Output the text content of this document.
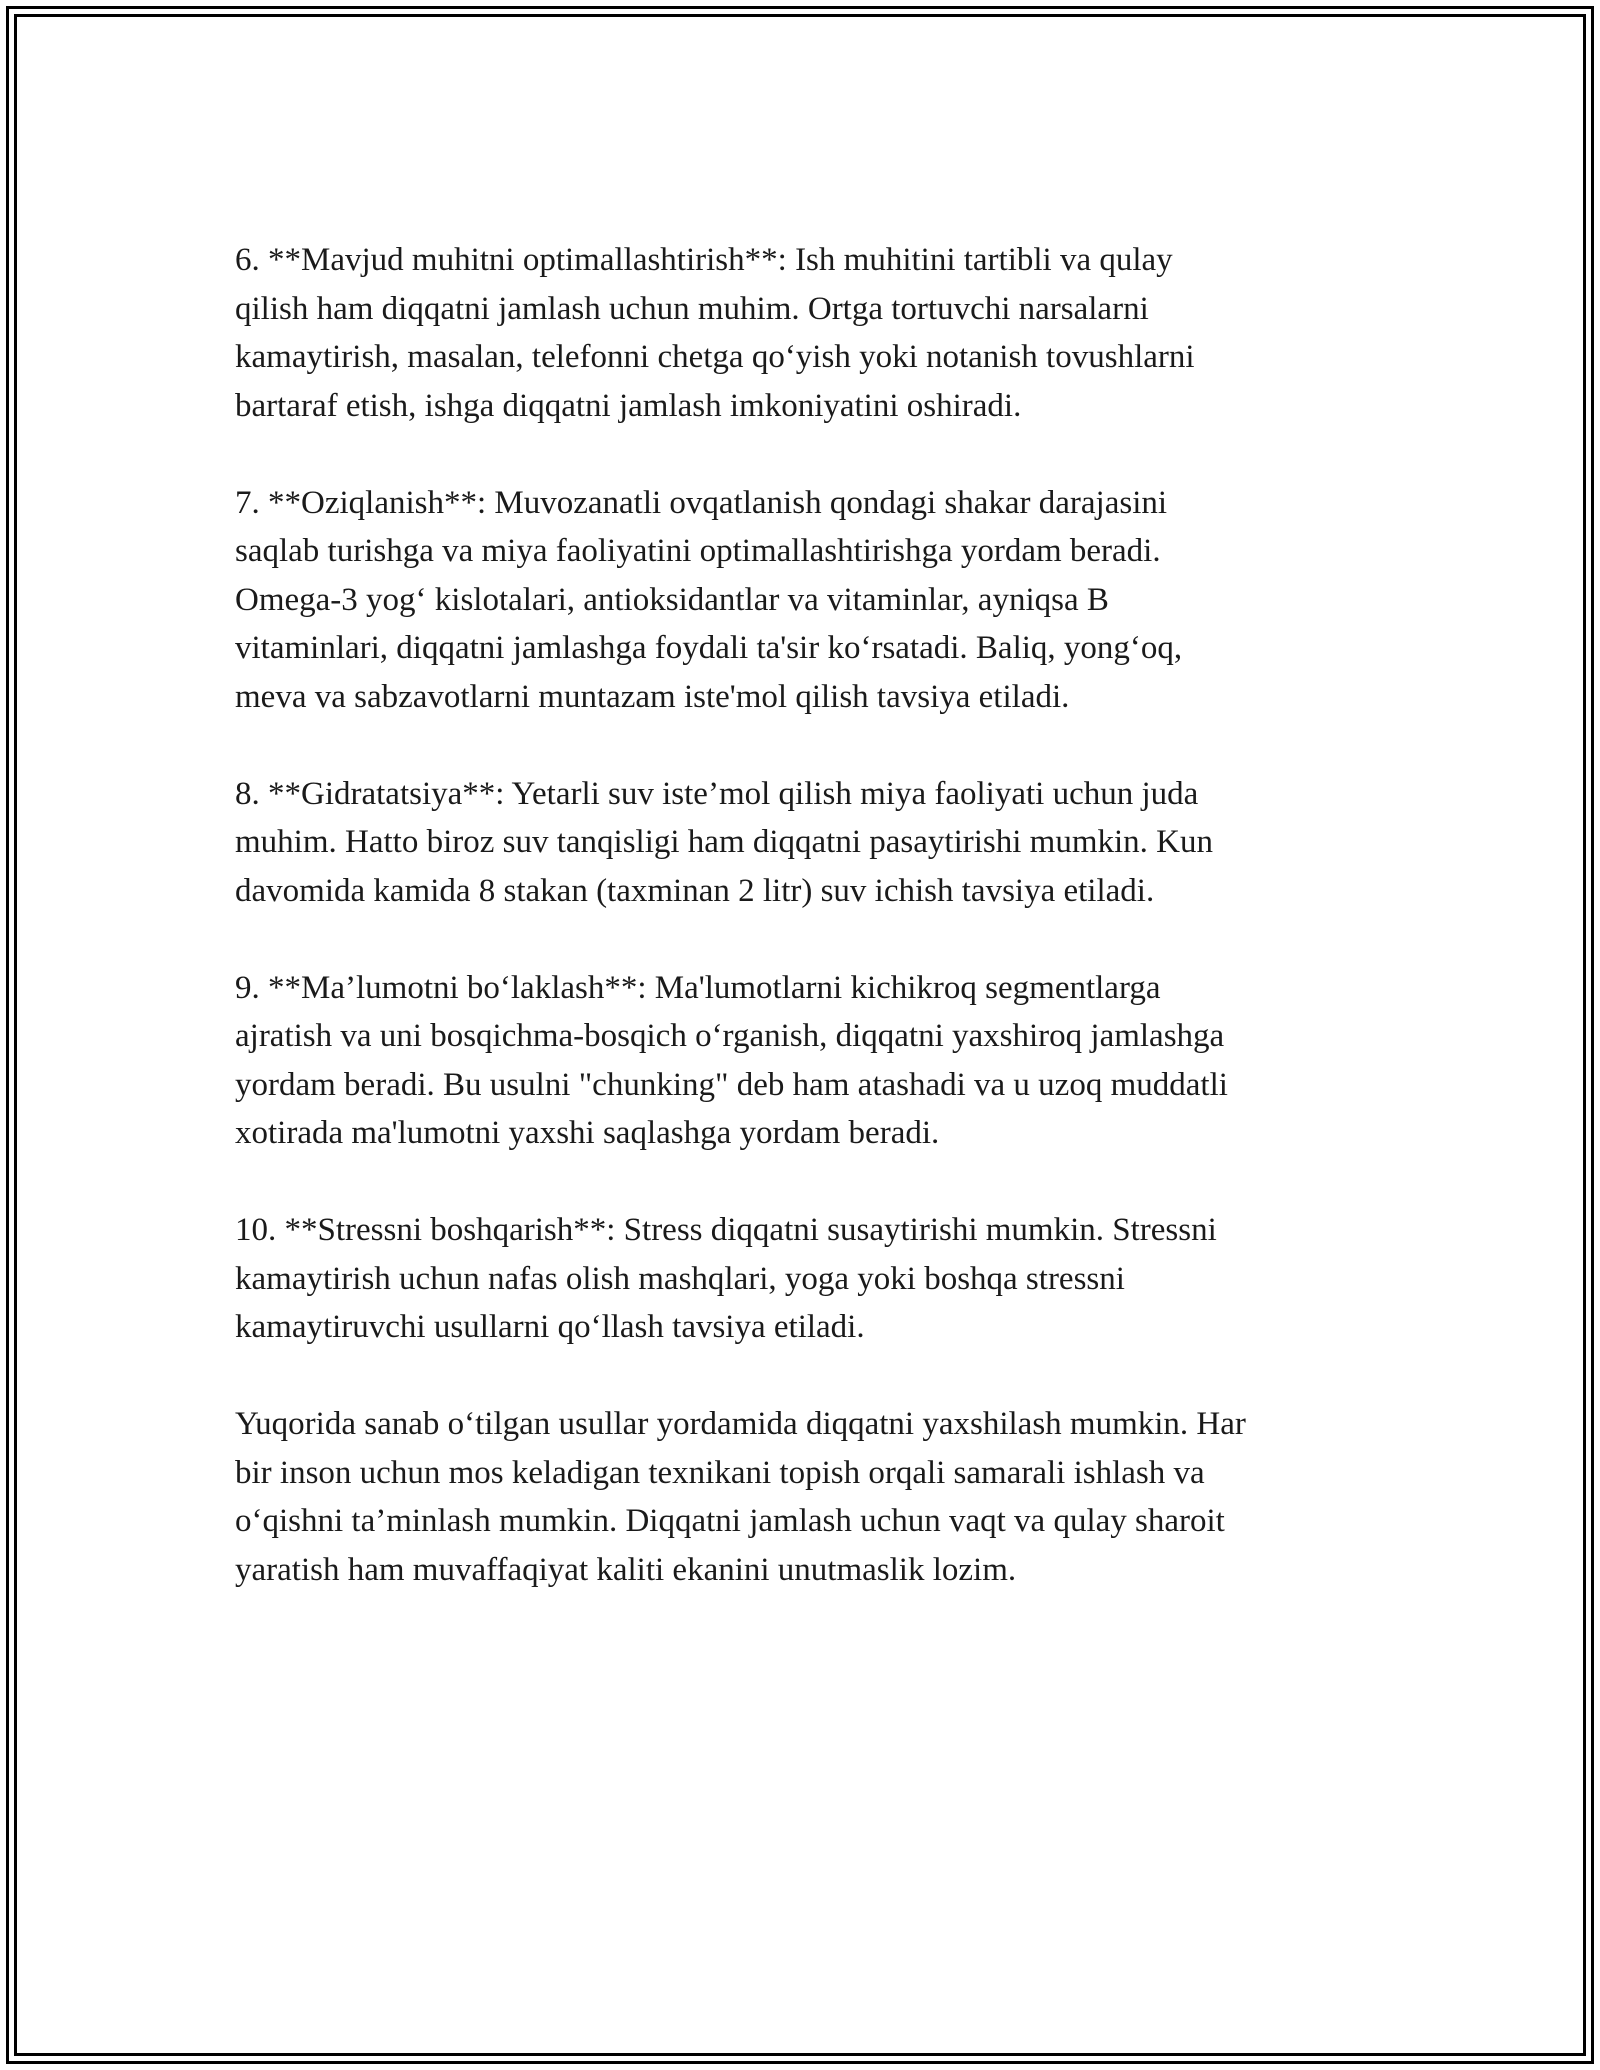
6. **Mavjud muhitni optimallashtirish**: Ish muhitini tartibli va qulay
qilish ham diqqatni jamlash uchun muhim. Ortga tortuvchi narsalarni
kamaytirish, masalan, telefonni chetga qoʻyish yoki notanish tovushlarni
bartaraf etish, ishga diqqatni jamlash imkoniyatini oshiradi.

7. **Oziqlanish**: Muvozanatli ovqatlanish qondagi shakar darajasini
saqlab turishga va miya faoliyatini optimallashtirishga yordam beradi.
Omega-3 yogʻ kislotalari, antioksidantlar va vitaminlar, ayniqsa B
vitaminlari, diqqatni jamlashga foydali ta'sir koʻrsatadi. Baliq, yongʻoq,
meva va sabzavotlarni muntazam iste'mol qilish tavsiya etiladi.

8. **Gidratatsiya**: Yetarli suv iste’mol qilish miya faoliyati uchun juda
muhim. Hatto biroz suv tanqisligi ham diqqatni pasaytirishi mumkin. Kun
davomida kamida 8 stakan (taxminan 2 litr) suv ichish tavsiya etiladi.

9. **Ma’lumotni boʻlaklash**: Ma'lumotlarni kichikroq segmentlarga
ajratish va uni bosqichma-bosqich oʻrganish, diqqatni yaxshiroq jamlashga
yordam beradi. Bu usulni "chunking" deb ham atashadi va u uzoq muddatli
xotirada ma'lumotni yaxshi saqlashga yordam beradi.

10. **Stressni boshqarish**: Stress diqqatni susaytirishi mumkin. Stressni
kamaytirish uchun nafas olish mashqlari, yoga yoki boshqa stressni
kamaytiruvchi usullarni qoʻllash tavsiya etiladi.

Yuqorida sanab oʻtilgan usullar yordamida diqqatni yaxshilash mumkin. Har
bir inson uchun mos keladigan texnikani topish orqali samarali ishlash va
oʻqishni ta’minlash mumkin. Diqqatni jamlash uchun vaqt va qulay sharoit
yaratish ham muvaffaqiyat kaliti ekanini unutmaslik lozim.
